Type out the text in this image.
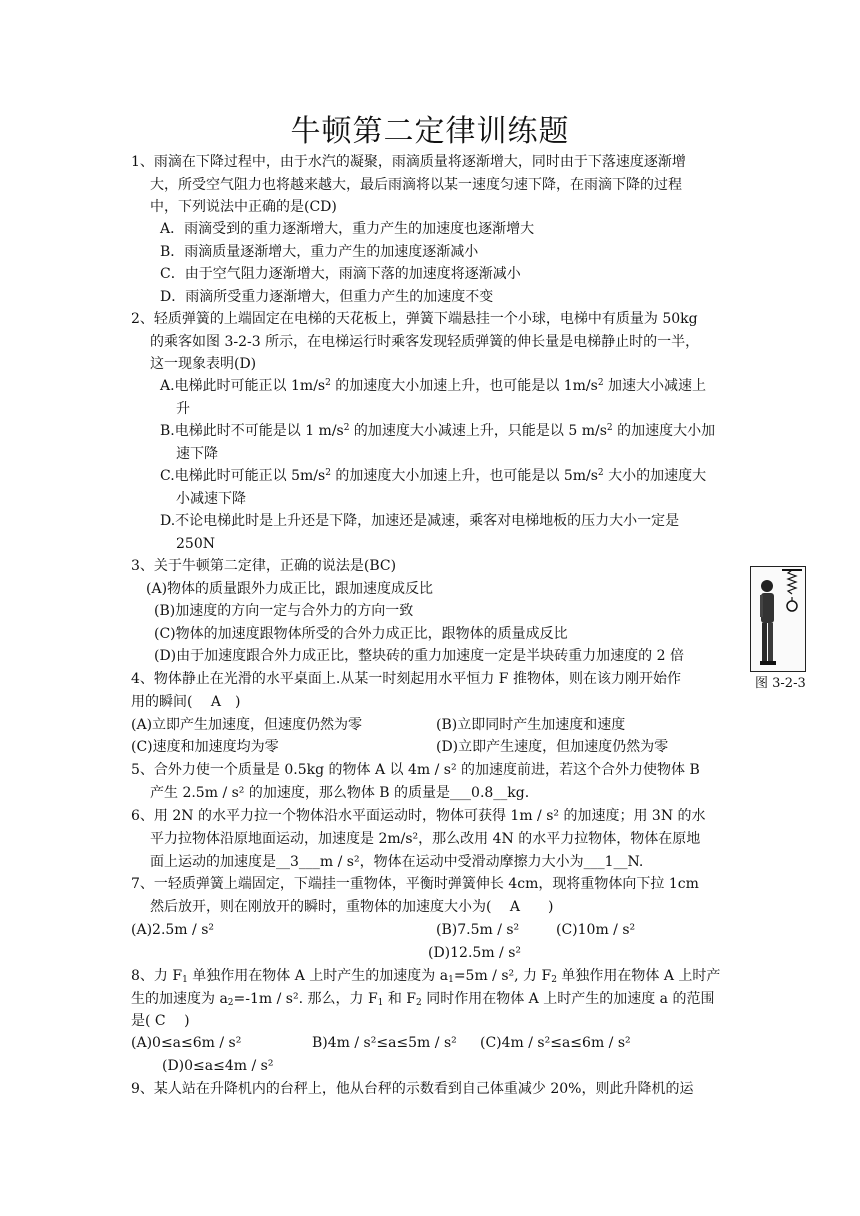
牛顿第二定律训练题
1、雨滴在下降过程中，由于水汽的凝聚，雨滴质量将逐渐增大，同时由于下落速度逐渐增
大，所受空气阻力也将越来越大，最后雨滴将以某一速度匀速下降，在雨滴下降的过程
中，下列说法中正确的是(CD)
A．雨滴受到的重力逐渐增大，重力产生的加速度也逐渐增大
B．雨滴质量逐渐增大，重力产生的加速度逐渐减小
C．由于空气阻力逐渐增大，雨滴下落的加速度将逐渐减小
D．雨滴所受重力逐渐增大，但重力产生的加速度不变
2、轻质弹簧的上端固定在电梯的天花板上，弹簧下端悬挂一个小球，电梯中有质量为 50kg
的乘客如图 3-2-3 所示，在电梯运行时乘客发现轻质弹簧的伸长量是电梯静止时的一半，
这一现象表明(D)
A.电梯此时可能正以 $1m/s^2$ 的加速度大小加速上升，也可能是以 $1m/s^2$ 加速大小减速上
升
B.电梯此时不可能是以 1 $m/s^2$ 的加速度大小减速上升，只能是以 5 $m/s^2$ 的加速度大小加
速下降
C.电梯此时可能正以 $5m/s^2$ 的加速度大小加速上升，也可能是以 $5m/s^2$ 大小的加速度大
小减速下降
D.不论电梯此时是上升还是下降，加速还是减速，乘客对电梯地板的压力大小一定是
250N
3、关于牛顿第二定律，正确的说法是(BC)
(A)物体的质量跟外力成正比，跟加速度成反比
(B)加速度的方向一定与合外力的方向一致
(C)物体的加速度跟物体所受的合外力成正比，跟物体的质量成反比
(D)由于加速度跟合外力成正比，整块砖的重力加速度一定是半块砖重力加速度的 2 倍
图 3-2-3
4、物体静止在光滑的水平桌面上.从某一时刻起用水平恒力 F 推物体，则在该力刚开始作
用的瞬间(　 A　)
(A)立即产生加速度，但速度仍然为零	(B)立即同时产生加速度和速度
(C)速度和加速度均为零	(D)立即产生速度，但加速度仍然为零
5、合外力使一个质量是 0.5kg 的物体 A 以 4m / s² 的加速度前进，若这个合外力使物体 B
产生 2.5m / s² 的加速度，那么物体 B 的质量是___0.8__kg.
6、用 2N 的水平力拉一个物体沿水平面运动时，物体可获得 1m / s² 的加速度；用 3N 的水
平力拉物体沿原地面运动，加速度是 2m/s²，那么改用 4N 的水平力拉物体，物体在原地
面上运动的加速度是__3___m / s²，物体在运动中受滑动摩擦力大小为___1__N.
7、一轻质弹簧上端固定，下端挂一重物体，平衡时弹簧伸长 4cm，现将重物体向下拉 1cm
然后放开，则在刚放开的瞬时，重物体的加速度大小为(　 A　　)
(A)2.5m / s²	(B)7.5m / s²	(C)10m / s²
(D)12.5m / s²
8、力 $F_1$ 单独作用在物体 A 上时产生的加速度为 $a_1=5m / s^2$, 力 $F_2$ 单独作用在物体 A 上时产
生的加速度为 $a_2=-1m / s^2$. 那么，力 $F_1$ 和 $F_2$ 同时作用在物体 A 上时产生的加速度 a 的范围
是( C　 )
(A)0≤a≤6m / s²	B)4m / s²≤a≤5m / s² (C)4m / s²≤a≤6m / s²
(D)0≤a≤4m / s²
9、某人站在升降机内的台秤上，他从台秤的示数看到自己体重减少 20%，则此升降机的运
